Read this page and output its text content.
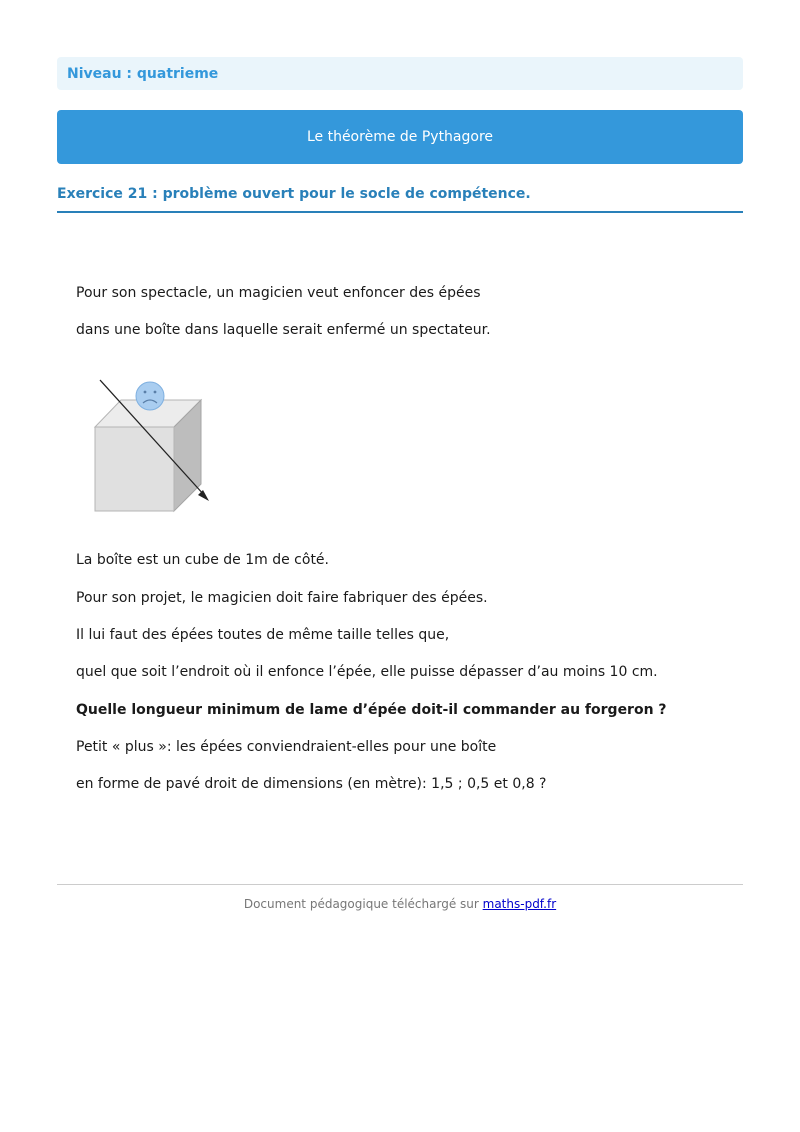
Niveau : quatrieme
Le théorème de Pythagore
Exercice 21 : problème ouvert pour le socle de compétence.
Pour son spectacle, un magicien veut enfoncer des épées
dans une boîte dans laquelle serait enfermé un spectateur.
La boîte est un cube de 1m de côté.
Pour son projet, le magicien doit faire fabriquer des épées.
Il lui faut des épées toutes de même taille telles que,
quel que soit l’endroit où il enfonce l’épée, elle puisse dépasser d’au moins 10 cm.
Quelle longueur minimum de lame d’épée doit-il commander au forgeron ?
Petit « plus »: les épées conviendraient-elles pour une boîte
en forme de pavé droit de dimensions (en mètre): 1,5 ; 0,5 et 0,8 ?
Document pédagogique téléchargé sur maths-pdf.fr
